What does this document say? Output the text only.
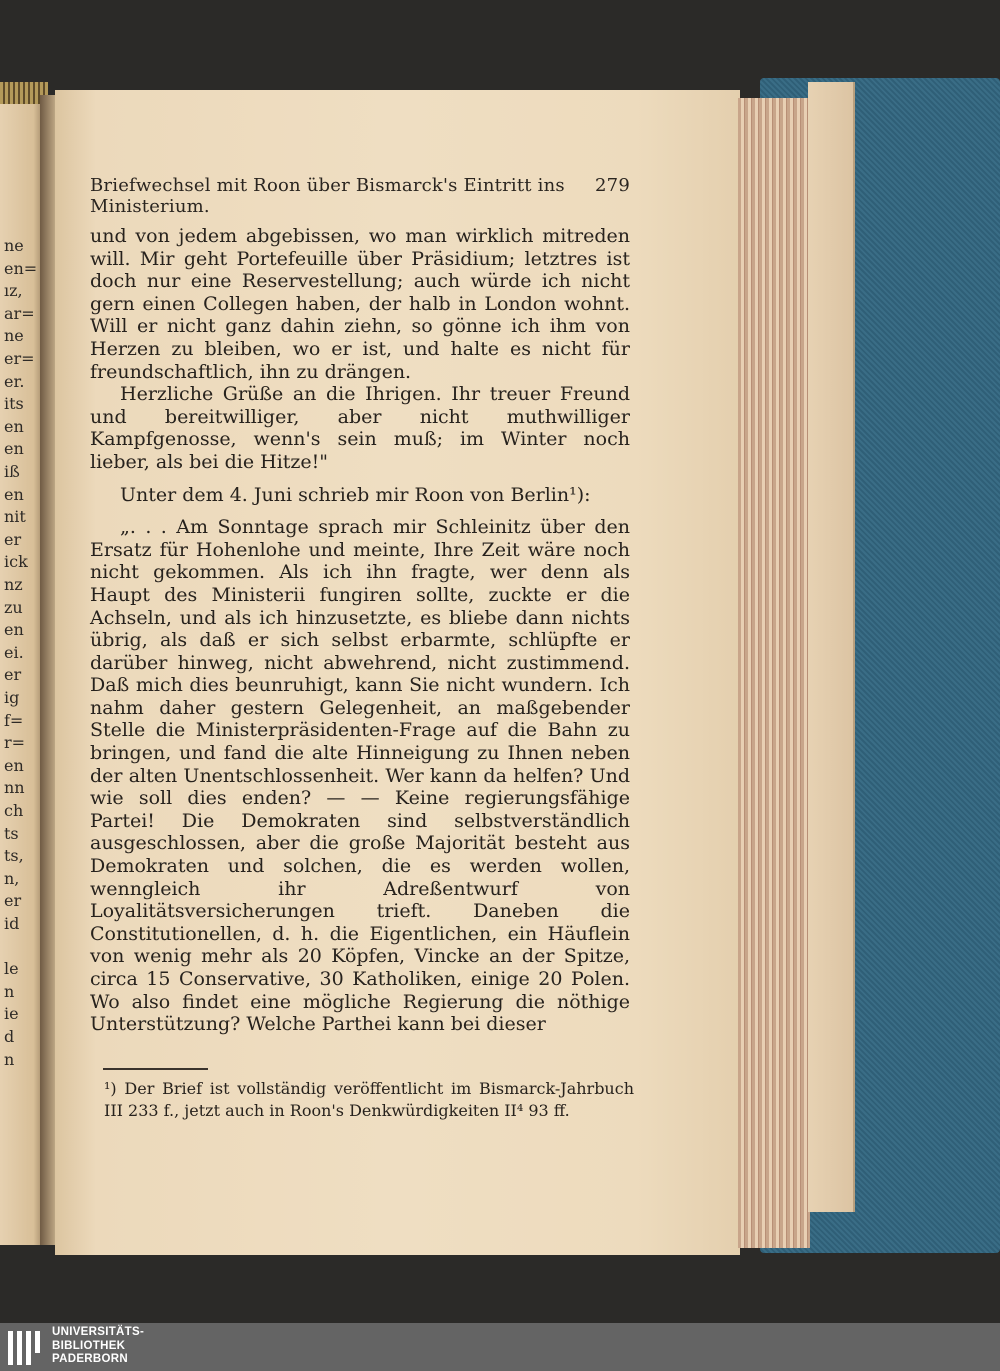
ne
en=
ız,
ar=
ne
er=
er.
its
en
en
iß
en
nit
er
ick
nz
zu
en
ei.
er
ig
f=
r=
en
nn
ch
ts
ts,
n,
er
id
le
n
ie
d
n
Briefwechsel mit Roon über Bismarck's Eintritt ins Ministerium.
279

und von jedem abgebissen, wo man wirklich mitreden will. Mir geht Portefeuille über Präsidium; letztres ist doch nur eine Reservestellung; auch würde ich nicht gern einen Collegen haben, der halb in London wohnt. Will er nicht ganz dahin ziehn, so gönne ich ihm von Herzen zu bleiben, wo er ist, und halte es nicht für freundschaftlich, ihn zu drängen.

Herzliche Grüße an die Ihrigen. Ihr treuer Freund und bereitwilliger, aber nicht muthwilliger Kampfgenosse, wenn's sein muß; im Winter noch lieber, als bei die Hitze!"

Unter dem 4. Juni schrieb mir Roon von Berlin¹):

„. . . Am Sonntage sprach mir Schleinitz über den Ersatz für Hohenlohe und meinte, Ihre Zeit wäre noch nicht gekommen. Als ich ihn fragte, wer denn als Haupt des Ministerii fungiren sollte, zuckte er die Achseln, und als ich hinzusetzte, es bliebe dann nichts übrig, als daß er sich selbst erbarmte, schlüpfte er darüber hinweg, nicht abwehrend, nicht zustimmend. Daß mich dies beunruhigt, kann Sie nicht wundern. Ich nahm daher gestern Gelegenheit, an maßgebender Stelle die Ministerpräsidenten-Frage auf die Bahn zu bringen, und fand die alte Hinneigung zu Ihnen neben der alten Unentschlossenheit. Wer kann da helfen? Und wie soll dies enden? — — Keine regierungsfähige Partei! Die Demokraten sind selbstverständlich ausgeschlossen, aber die große Majorität besteht aus Demokraten und solchen, die es werden wollen, wenngleich ihr Adreßentwurf von Loyalitätsversicherungen trieft. Daneben die Constitutionellen, d. h. die Eigentlichen, ein Häuflein von wenig mehr als 20 Köpfen, Vincke an der Spitze, circa 15 Conservative, 30 Katholiken, einige 20 Polen. Wo also findet eine mögliche Regierung die nöthige Unterstützung? Welche Parthei kann bei dieser

¹) Der Brief ist vollständig veröffentlicht im Bismarck-Jahrbuch III 233 f., jetzt auch in Roon's Denkwürdigkeiten II⁴ 93 ff.
UNIVERSITÄTS-
BIBLIOTHEK
PADERBORN
